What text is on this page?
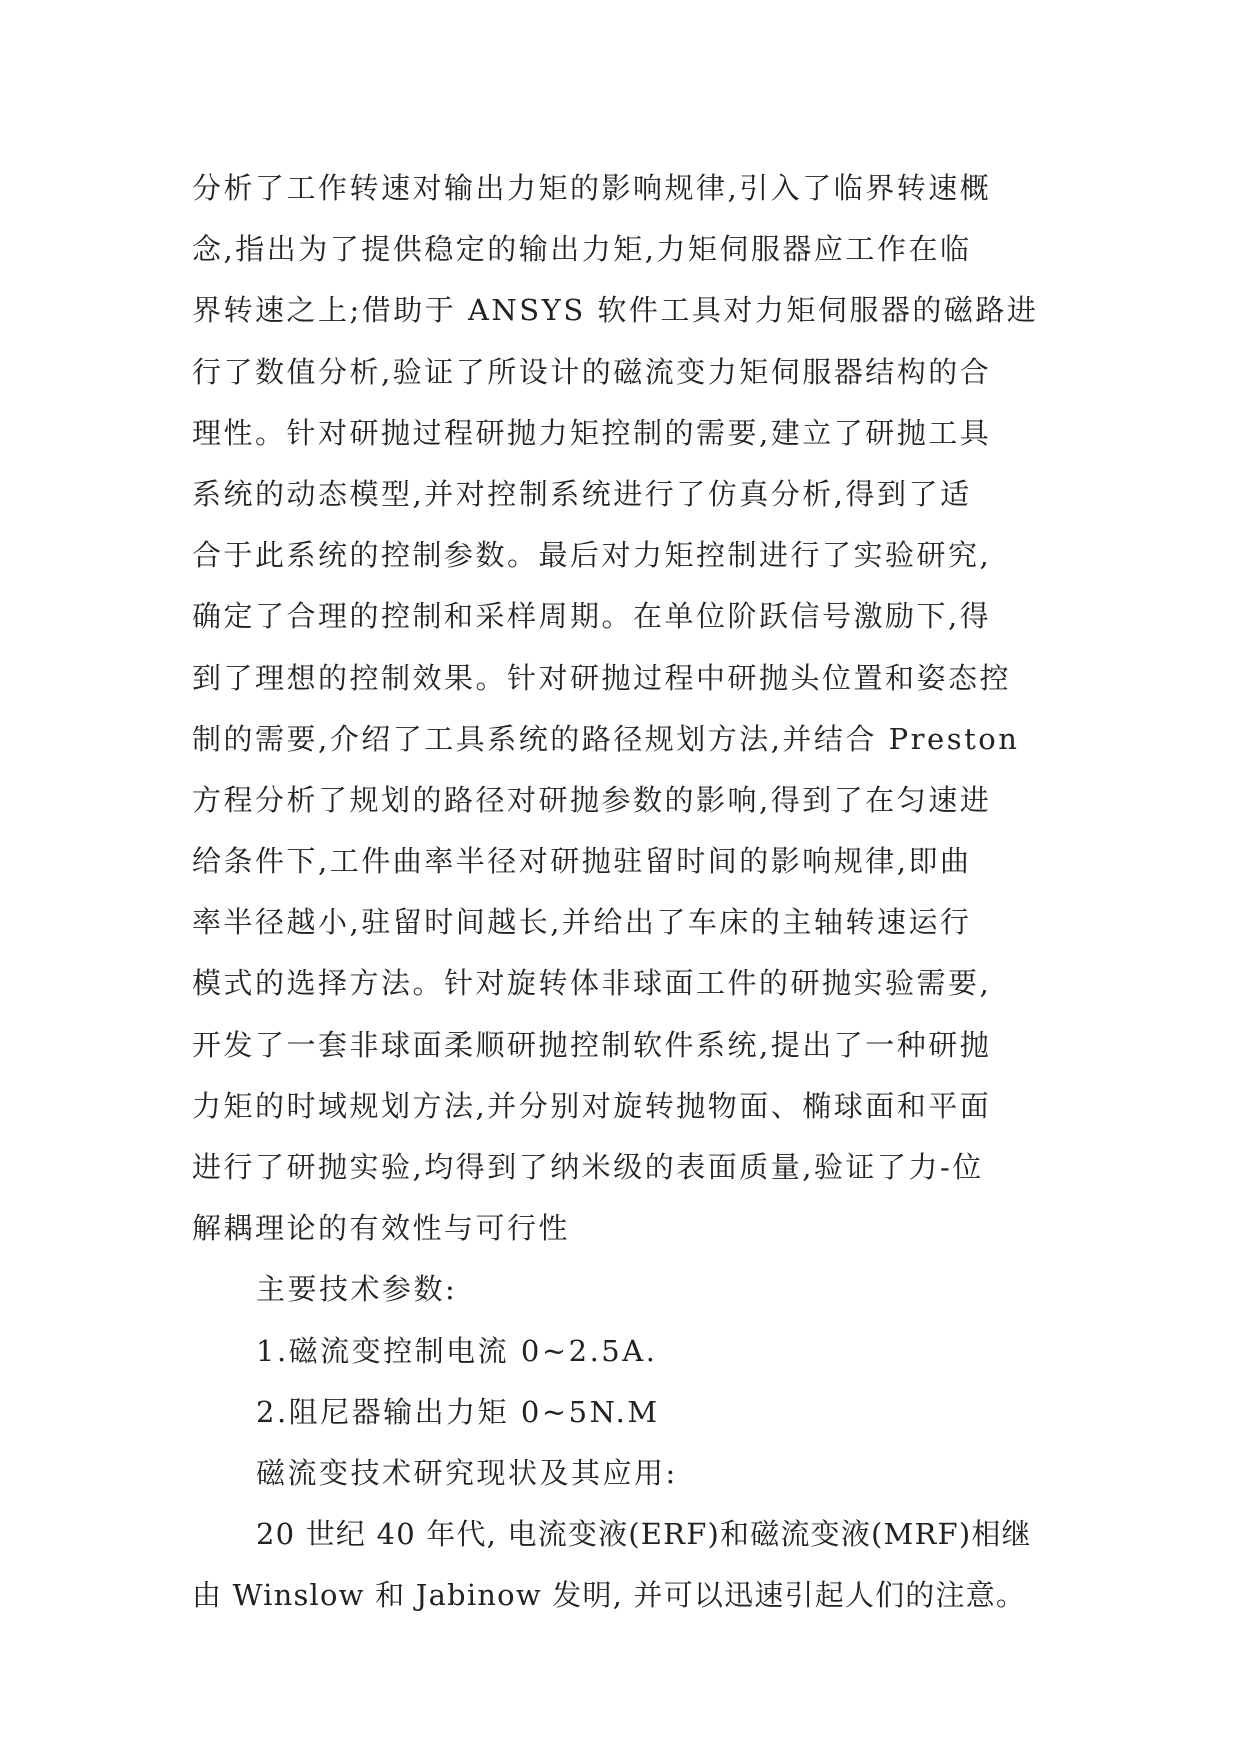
分析了工作转速对输出力矩的影响规律,引入了临界转速概
念,指出为了提供稳定的输出力矩,力矩伺服器应工作在临
界转速之上;借助于 ANSYS 软件工具对力矩伺服器的磁路进
行了数值分析,验证了所设计的磁流变力矩伺服器结构的合
理性。针对研抛过程研抛力矩控制的需要,建立了研抛工具
系统的动态模型,并对控制系统进行了仿真分析,得到了适
合于此系统的控制参数。最后对力矩控制进行了实验研究,
确定了合理的控制和采样周期。在单位阶跃信号激励下,得
到了理想的控制效果。针对研抛过程中研抛头位置和姿态控
制的需要,介绍了工具系统的路径规划方法,并结合 Preston
方程分析了规划的路径对研抛参数的影响,得到了在匀速进
给条件下,工件曲率半径对研抛驻留时间的影响规律,即曲
率半径越小,驻留时间越长,并给出了车床的主轴转速运行
模式的选择方法。针对旋转体非球面工件的研抛实验需要,
开发了一套非球面柔顺研抛控制软件系统,提出了一种研抛
力矩的时域规划方法,并分别对旋转抛物面、椭球面和平面
进行了研抛实验,均得到了纳米级的表面质量,验证了力-位
解耦理论的有效性与可行性
主要技术参数:
1.磁流变控制电流 0~2.5A.
2.阻尼器输出力矩 0~5N.M
磁流变技术研究现状及其应用:
20 世纪 40 年代, 电流变液(ERF)和磁流变液(MRF)相继
由 Winslow 和 Jabinow 发明, 并可以迅速引起人们的注意。
